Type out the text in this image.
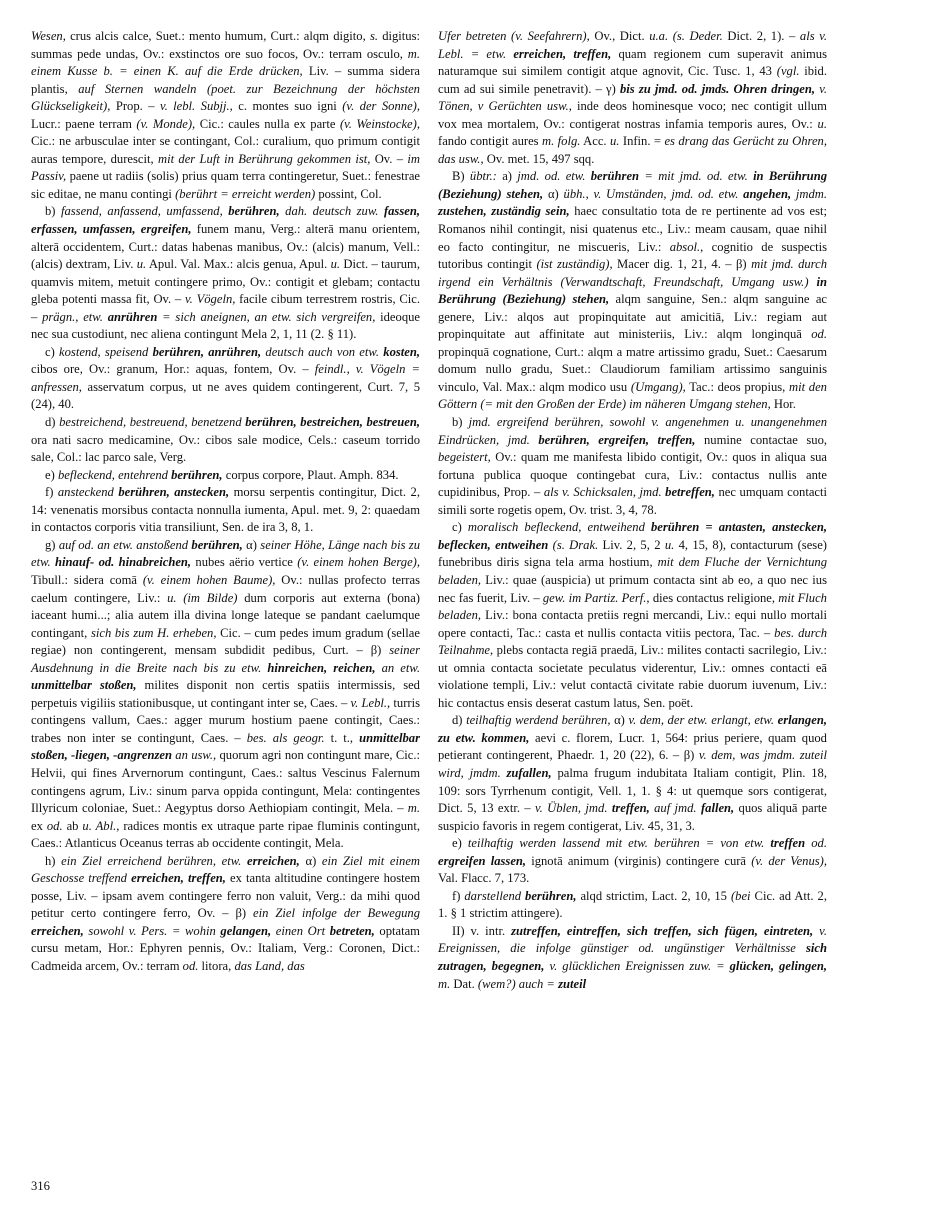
Wesen, crus alcis calce, Suet.: mento humum, Curt.: alqm digito, s. digitus: summas pede undas, Ov.: exstinctos ore suo focos, Ov.: terram osculo, m. einem Kusse b. = einen K. auf die Erde drücken, Liv. – summa sidera plantis, auf Sternen wandeln (poet. zur Bezeichnung der höchsten Glückseligkeit), Prop. – v. lebl. Subjj., c. montes suo igni (v. der Sonne), Lucr.: paene terram (v. Monde), Cic.: caules nulla ex parte (v. Weinstocke), Cic.: ne arbusculae inter se contingant, Col.: curalium, quo primum contigit auras tempore, durescit, mit der Luft in Berührung gekommen ist, Ov. – im Passiv, paene ut radiis (solis) prius quam terra contingeretur, Suet.: fenestrae sic editae, ne manu contingi (berührt = erreicht werden) possint, Col.

b) fassend, anfassend, umfassend, berühren, dah. deutsch zuw. fassen, erfassen, umfassen, ergreifen, funem manu, Verg.: alterā manu orientem, alterā occidentem, Curt.: datas habenas manibus, Ov.: (alcis) manum, Vell.: (alcis) dextram, Liv. u. Apul. Val. Max.: alcis genua, Apul. u. Dict. – taurum, quamvis mitem, metuit contingere primo, Ov.: contigit et glebam; contactu gleba potenti massa fit, Ov. – v. Vögeln, facile cibum terrestrem rostris, Cic. – prägn., etw. anrühren = sich aneignen, an etw. sich vergreifen, ideoque nec sua custodiunt, nec aliena contingunt Mela 2, 1, 11 (2. § 11).

c) kostend, speisend berühren, anrühren, deutsch auch von etw. kosten, cibos ore, Ov.: granum, Hor.: aquas, fontem, Ov. – feindl., v. Vögeln = anfressen, asservatum corpus, ut ne aves quidem contingerent, Curt. 7, 5 (24), 40.

d) bestreichend, bestreuend, benetzend berühren, bestreichen, bestreuen, ora nati sacro medicamine, Ov.: cibos sale modice, Cels.: caseum torrido sale, Col.: lac parco sale, Verg.

e) befleckend, entehrend berühren, corpus corpore, Plaut. Amph. 834.

f) ansteckend berühren, anstecken, morsu serpentis contingitur, Dict. 2, 14: venenatis morsibus contacta nonnulla iumenta, Apul. met. 9, 2: quaedam in contactos corporis vitia transiliunt, Sen. de ira 3, 8, 1.

g) auf od. an etw. anstoßend berühren, α) seiner Höhe, Länge nach bis zu etw. hinauf- od. hinabreichen, nubes aërio vertice (v. einem hohen Berge), Tibull.: sidera comā (v. einem hohen Baume), Ov.: nullas profecto terras caelum contingere, Liv.: u. (im Bilde) dum corporis aut externa (bona) iaceant humi...; alia autem illa divina longe lateque se pandant caelumque contingant, sich bis zum H. erheben, Cic. – cum pedes imum gradum (sellae regiae) non contingerent, mensam subdidit pedibus, Curt. – β) seiner Ausdehnung in die Breite nach bis zu etw. hinreichen, reichen, an etw. unmittelbar stoßen, milites disponit non certis spatiis intermissis, sed perpetuis vigiliis stationibusque, ut contingant inter se, Caes. – v. Lebl., turris contingens vallum, Caes.: agger murum hostium paene contingit, Caes.: trabes non inter se contingunt, Caes. – bes. als geogr. t. t., unmittelbar stoßen, -liegen, -angrenzen an usw., quorum agri non contingunt mare, Cic.: Helvii, qui fines Arvernorum contingunt, Caes.: saltus Vescinus Falernum contingens agrum, Liv.: sinum parva oppida contingunt, Mela: contingentes Illyricum coloniae, Suet.: Aegyptus dorso Aethiopiam contingit, Mela. – m. ex od. ab u. Abl., radices montis ex utraque parte ripae fluminis contingunt, Caes.: Atlanticus Oceanus terras ab occidente contingit, Mela.

h) ein Ziel erreichend berühren, etw. erreichen, α) ein Ziel mit einem Geschosse treffend erreichen, treffen, ex tanta altitudine contingere hostem posse, Liv. – ipsam avem contingere ferro non valuit, Verg.: da mihi quod petitur certo contingere ferro, Ov. – β) ein Ziel infolge der Bewegung erreichen, sowohl v. Pers. = wohin gelangen, einen Ort betreten, optatam cursu metam, Hor.: Ephyren pennis, Ov.: Italiam, Verg.: Coronen, Dict.: Cadmeida arcem, Ov.: terram od. litora, das Land, das

Ufer betreten (v. Seefahrern), Ov., Dict. u.a. (s. Deder. Dict. 2, 1). – als v. Lebl. = etw. erreichen, treffen, quam regionem cum superavit animus naturamque sui similem contigit atque agnovit, Cic. Tusc. 1, 43 (vgl. ibid. cum ad sui simile penetravit). – γ) bis zu jmd. od. jmds. Ohren dringen, v. Tönen, v Gerüchten usw., inde deos hominesque voco; nec contigit ullum vox mea mortalem, Ov.: contigerat nostras infamia temporis aures, Ov.: u. fando contigit aures m. folg. Acc. u. Infin. = es drang das Gerücht zu Ohren, das usw., Ov. met. 15, 497 sqq.

B) übtr.: a) jmd. od. etw. berühren = mit jmd. od. etw. in Berührung (Beziehung) stehen, α) übh., v. Umständen, jmd. od. etw. angehen, jmdm. zustehen, zuständig sein, haec consultatio tota de re pertinente ad vos est; Romanos nihil contingit, nisi quatenus etc., Liv.: meam causam, quae nihil eo facto contingitur, ne miscueris, Liv.: absol., cognitio de suspectis tutoribus contingit (ist zuständig), Macer dig. 1, 21, 4. – β) mit jmd. durch irgend ein Verhältnis (Verwandtschaft, Freundschaft, Umgang usw.) in Berührung (Beziehung) stehen, alqm sanguine, Sen.: alqm sanguine ac genere, Liv.: alqos aut propinquitate aut amicitiā, Liv.: regiam aut propinquitate aut affinitate aut ministeriis, Liv.: alqm longinquā od. propinquā cognatione, Curt.: alqm a matre artissimo gradu, Suet.: Caesarum domum nullo gradu, Suet.: Claudiorum familiam artissimo sanguinis vinculo, Val. Max.: alqm modico usu (Umgang), Tac.: deos propius, mit den Göttern (= mit den Großen der Erde) im näheren Umgang stehen, Hor.

b) jmd. ergreifend berühren, sowohl v. angenehmen u. unangenehmen Eindrücken, jmd. berühren, ergreifen, treffen, numine contactae suo, begeistert, Ov.: quam me manifesta libido contigit, Ov.: quos in aliqua sua fortuna publica quoque contingebat cura, Liv.: contactus nullis ante cupidinibus, Prop. – als v. Schicksalen, jmd. betreffen, nec umquam contacti simili sorte rogetis opem, Ov. trist. 3, 4, 78.

c) moralisch befleckend, entweihend berühren = antasten, anstecken, beflecken, entweihen (s. Drak. Liv. 2, 5, 2 u. 4, 15, 8), contacturum (sese) funebribus diris signa tela arma hostium, mit dem Fluche der Vernichtung beladen, Liv.: quae (auspicia) ut primum contacta sint ab eo, a quo nec ius nec fas fuerit, Liv. – gew. im Partiz. Perf., dies contactus religione, mit Fluch beladen, Liv.: bona contacta pretiis regni mercandi, Liv.: equi nullo mortali opere contacti, Tac.: casta et nullis contacta vitiis pectora, Tac. – bes. durch Teilnahme, plebs contacta regiā praedā, Liv.: milites contacti sacrilegio, Liv.: ut omnia contacta societate peculatus viderentur, Liv.: omnes contacti eā violatione templi, Liv.: velut contactā civitate rabie duorum iuvenum, Liv.: hic contactus ensis deserat castum latus, Sen. poët.

d) teilhaftig werdend berühren, α) v. dem, der etw. erlangt, etw. erlangen, zu etw. kommen, aevi c. florem, Lucr. 1, 564: prius periere, quam quod petierant contingerent, Phaedr. 1, 20 (22), 6. – β) v. dem, was jmdm. zuteil wird, jmdm. zufallen, palma frugum indubitata Italiam contigit, Plin. 18, 109: sors Tyrrhenum contigit, Vell. 1, 1. § 4: ut quemque sors contigerat, Dict. 5, 13 extr. – v. Üblen, jmd. treffen, auf jmd. fallen, quos aliquā parte suspicio favoris in regem contigerat, Liv. 45, 31, 3.

e) teilhaftig werden lassend mit etw. berühren = von etw. treffen od. ergreifen lassen, ignotā animum (virginis) contingere curā (v. der Venus), Val. Flacc. 7, 173.

f) darstellend berühren, alqd strictim, Lact. 2, 10, 15 (bei Cic. ad Att. 2, 1. § 1 strictim attingere).

II) v. intr. zutreffen, eintreffen, sich treffen, sich fügen, eintreten, v. Ereignissen, die infolge günstiger od. ungünstiger Verhältnisse sich zutragen, begegnen, v. glücklichen Ereignissen zuw. = glücken, gelingen, m. Dat. (wem?) auch = zuteil

316
